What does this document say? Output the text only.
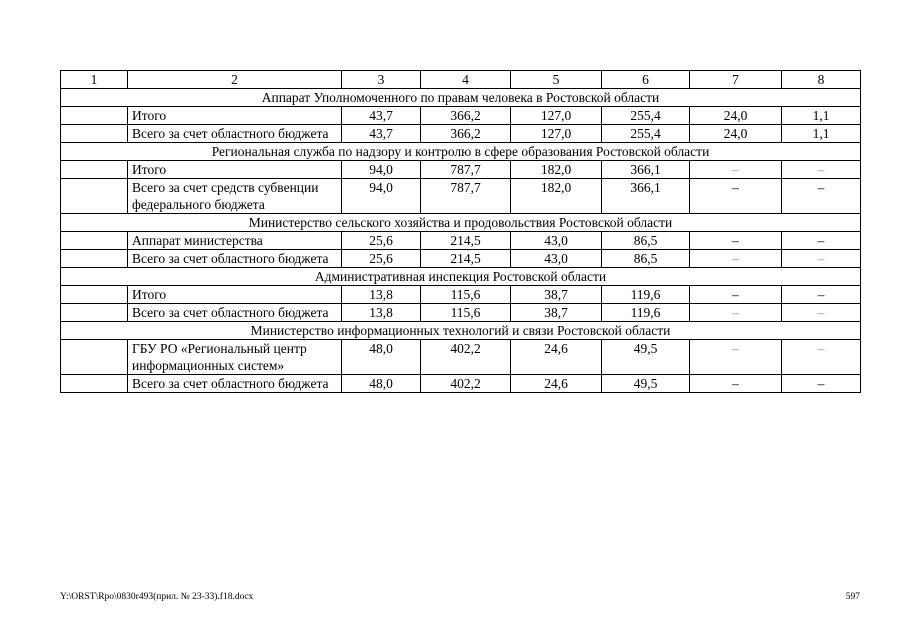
1	2	3	4	5	6	7	8
Аппарат Уполномоченного по правам человека в Ростовской области							
	Итого	43,7	366,2	127,0	255,4	24,0	1,1
	Всего за счет областного бюджета	43,7	366,2	127,0	255,4	24,0	1,1
Региональная служба по надзору и контролю в сфере образования Ростовской области							
	Итого	94,0	787,7	182,0	366,1	–	–
	Всего за счет средств субвенции федерального бюджета	94,0	787,7	182,0	366,1	–	–
Министерство сельского хозяйства и продовольствия Ростовской области							
	Аппарат министерства	25,6	214,5	43,0	86,5	–	–
	Всего за счет областного бюджета	25,6	214,5	43,0	86,5	–	–
Административная инспекция Ростовской области							
	Итого	13,8	115,6	38,7	119,6	–	–
	Всего за счет областного бюджета	13,8	115,6	38,7	119,6	–	–
Министерство информационных технологий и связи Ростовской области							
	ГБУ РО «Региональный центр информационных систем»	48,0	402,2	24,6	49,5	–	–
	Всего за счет областного бюджета	48,0	402,2	24,6	49,5	–	–
Y:\ORST\Rpo\0830r493(прил. № 23-33).f18.docx	597
